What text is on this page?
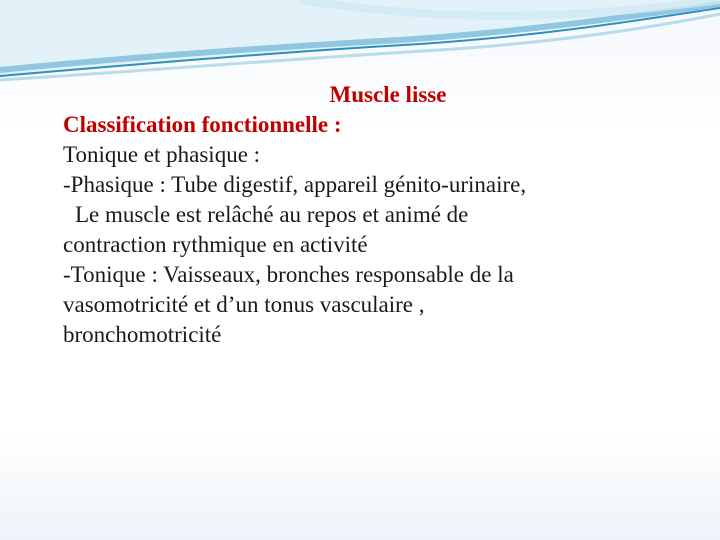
Muscle lisse
Classification fonctionnelle :
Tonique et phasique :
-Phasique : Tube digestif, appareil génito-urinaire,
Le muscle est relâché au repos et animé de
contraction rythmique en activité
-Tonique : Vaisseaux, bronches responsable de la
vasomotricité et d’un tonus vasculaire ,
bronchomotricité
